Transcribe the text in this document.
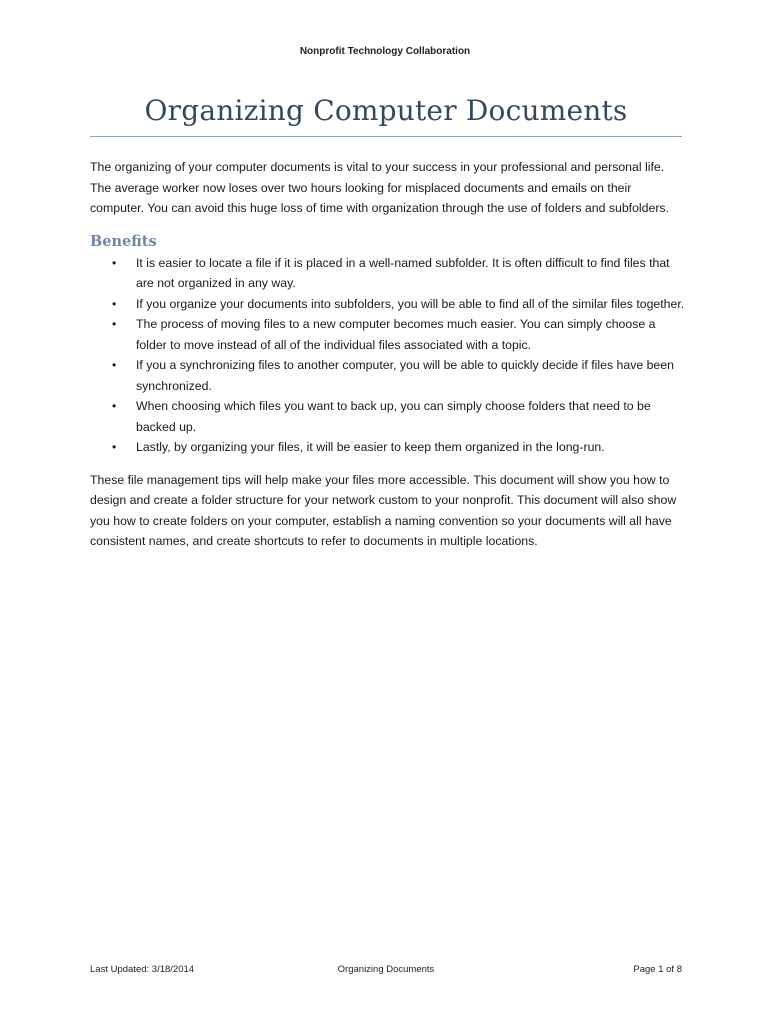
Nonprofit Technology Collaboration
Organizing Computer Documents

The organizing of your computer documents is vital to your success in your professional and personal life. The average worker now loses over two hours looking for misplaced documents and emails on their computer. You can avoid this huge loss of time with organization through the use of folders and subfolders.

Benefits
• It is easier to locate a file if it is placed in a well-named subfolder. It is often difficult to find files that are not organized in any way.
• If you organize your documents into subfolders, you will be able to find all of the similar files together.
• The process of moving files to a new computer becomes much easier. You can simply choose a folder to move instead of all of the individual files associated with a topic.
• If you a synchronizing files to another computer, you will be able to quickly decide if files have been synchronized.
• When choosing which files you want to back up, you can simply choose folders that need to be backed up.
• Lastly, by organizing your files, it will be easier to keep them organized in the long-run.

These file management tips will help make your files more accessible. This document will show you how to design and create a folder structure for your network custom to your nonprofit. This document will also show you how to create folders on your computer, establish a naming convention so your documents will all have consistent names, and create shortcuts to refer to documents in multiple locations.

Last Updated: 3/18/2014	Organizing Documents	Page 1 of 8
